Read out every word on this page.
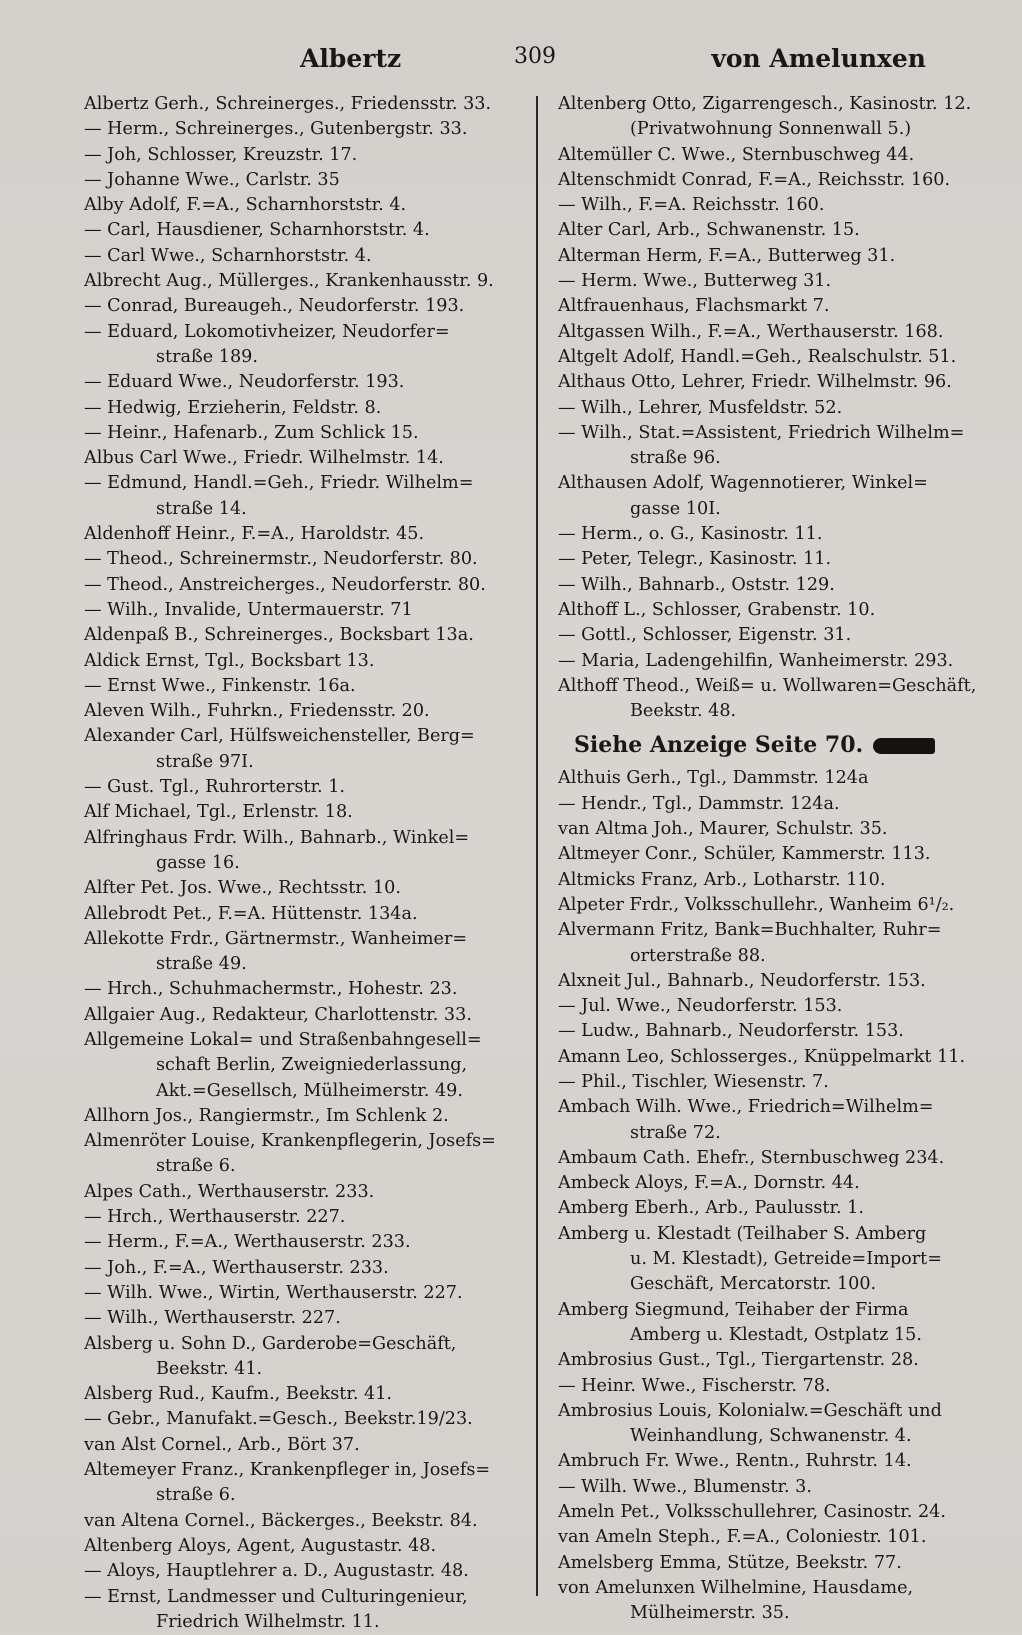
Albertz	309	von Amelunxen
Albertz Gerh., Schreinerges., Friedensstr. 33.
— Herm., Schreinerges., Gutenbergstr. 33.
— Joh, Schlosser, Kreuzstr. 17.
— Johanne Wwe., Carlstr. 35
Alby Adolf, F.=A., Scharnhorststr. 4.
— Carl, Hausdiener, Scharnhorststr. 4.
— Carl Wwe., Scharnhorststr. 4.
Albrecht Aug., Müllerges., Krankenhausstr. 9.
— Conrad, Bureaugeh., Neudorferstr. 193.
— Eduard, Lokomotivheizer, Neudorfer=
straße 189.
— Eduard Wwe., Neudorferstr. 193.
— Hedwig, Erzieherin, Feldstr. 8.
— Heinr., Hafenarb., Zum Schlick 15.
Albus Carl Wwe., Friedr. Wilhelmstr. 14.
— Edmund, Handl.=Geh., Friedr. Wilhelm=
straße 14.
Aldenhoff Heinr., F.=A., Haroldstr. 45.
— Theod., Schreinermstr., Neudorferstr. 80.
— Theod., Anstreicherges., Neudorferstr. 80.
— Wilh., Invalide, Untermauerstr. 71
Aldenpaß B., Schreinerges., Bocksbart 13a.
Aldick Ernst, Tgl., Bocksbart 13.
— Ernst Wwe., Finkenstr. 16a.
Aleven Wilh., Fuhrkn., Friedensstr. 20.
Alexander Carl, Hülfsweichensteller, Berg=
straße 97I.
— Gust. Tgl., Ruhrorterstr. 1.
Alf Michael, Tgl., Erlenstr. 18.
Alfringhaus Frdr. Wilh., Bahnarb., Winkel=
gasse 16.
Alfter Pet. Jos. Wwe., Rechtsstr. 10.
Allebrodt Pet., F.=A. Hüttenstr. 134a.
Allekotte Frdr., Gärtnermstr., Wanheimer=
straße 49.
— Hrch., Schuhmachermstr., Hohestr. 23.
Allgaier Aug., Redakteur, Charlottenstr. 33.
Allgemeine Lokal= und Straßenbahngesell=
schaft Berlin, Zweigniederlassung,
Akt.=Gesellsch, Mülheimerstr. 49.
Allhorn Jos., Rangiermstr., Im Schlenk 2.
Almenröter Louise, Krankenpflegerin, Josefs=
straße 6.
Alpes Cath., Werthauserstr. 233.
— Hrch., Werthauserstr. 227.
— Herm., F.=A., Werthauserstr. 233.
— Joh., F.=A., Werthauserstr. 233.
— Wilh. Wwe., Wirtin, Werthauserstr. 227.
— Wilh., Werthauserstr. 227.
Alsberg u. Sohn D., Garderobe=Geschäft,
Beekstr. 41.
Alsberg Rud., Kaufm., Beekstr. 41.
— Gebr., Manufakt.=Gesch., Beekstr.19/23.
van Alst Cornel., Arb., Bört 37.
Altemeyer Franz., Krankenpfleger in, Josefs=
straße 6.
van Altena Cornel., Bäckerges., Beekstr. 84.
Altenberg Aloys, Agent, Augustastr. 48.
— Aloys, Hauptlehrer a. D., Augustastr. 48.
— Ernst, Landmesser und Culturingenieur,
Friedrich Wilhelmstr. 11.
Altenberg Otto, Zigarrengesch., Kasinostr. 12.
(Privatwohnung Sonnenwall 5.)
Altemüller C. Wwe., Sternbuschweg 44.
Altenschmidt Conrad, F.=A., Reichsstr. 160.
— Wilh., F.=A. Reichsstr. 160.
Alter Carl, Arb., Schwanenstr. 15.
Alterman Herm, F.=A., Butterweg 31.
— Herm. Wwe., Butterweg 31.
Altfrauenhaus, Flachsmarkt 7.
Altgassen Wilh., F.=A., Werthauserstr. 168.
Altgelt Adolf, Handl.=Geh., Realschulstr. 51.
Althaus Otto, Lehrer, Friedr. Wilhelmstr. 96.
— Wilh., Lehrer, Musfeldstr. 52.
— Wilh., Stat.=Assistent, Friedrich Wilhelm=
straße 96.
Althausen Adolf, Wagennotierer, Winkel=
gasse 10I.
— Herm., o. G., Kasinostr. 11.
— Peter, Telegr., Kasinostr. 11.
— Wilh., Bahnarb., Oststr. 129.
Althoff L., Schlosser, Grabenstr. 10.
— Gottl., Schlosser, Eigenstr. 31.
— Maria, Ladengehilfin, Wanheimerstr. 293.
Althoff Theod., Weiß= u. Wollwaren=Geschäft,
Beekstr. 48.
Siehe Anzeige Seite 70.
Althuis Gerh., Tgl., Dammstr. 124a
— Hendr., Tgl., Dammstr. 124a.
van Altma Joh., Maurer, Schulstr. 35.
Altmeyer Conr., Schüler, Kammerstr. 113.
Altmicks Franz, Arb., Lotharstr. 110.
Alpeter Frdr., Volksschullehr., Wanheim 6¹/₂.
Alvermann Fritz, Bank=Buchhalter, Ruhr=
orterstraße 88.
Alxneit Jul., Bahnarb., Neudorferstr. 153.
— Jul. Wwe., Neudorferstr. 153.
— Ludw., Bahnarb., Neudorferstr. 153.
Amann Leo, Schlosserges., Knüppelmarkt 11.
— Phil., Tischler, Wiesenstr. 7.
Ambach Wilh. Wwe., Friedrich=Wilhelm=
straße 72.
Ambaum Cath. Ehefr., Sternbuschweg 234.
Ambeck Aloys, F.=A., Dornstr. 44.
Amberg Eberh., Arb., Paulusstr. 1.
Amberg u. Klestadt (Teilhaber S. Amberg
u. M. Klestadt), Getreide=Import=
Geschäft, Mercatorstr. 100.
Amberg Siegmund, Teihaber der Firma
Amberg u. Klestadt, Ostplatz 15.
Ambrosius Gust., Tgl., Tiergartenstr. 28.
— Heinr. Wwe., Fischerstr. 78.
Ambrosius Louis, Kolonialw.=Geschäft und
Weinhandlung, Schwanenstr. 4.
Ambruch Fr. Wwe., Rentn., Ruhrstr. 14.
— Wilh. Wwe., Blumenstr. 3.
Ameln Pet., Volksschullehrer, Casinostr. 24.
van Ameln Steph., F.=A., Coloniestr. 101.
Amelsberg Emma, Stütze, Beekstr. 77.
von Amelunxen Wilhelmine, Hausdame,
Mülheimerstr. 35.
